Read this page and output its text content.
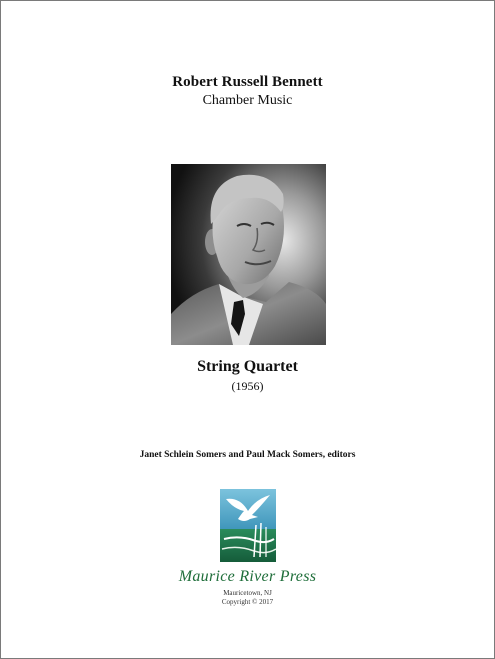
Robert Russell Bennett
Chamber Music
String Quartet
(1956)
Janet Schlein Somers and Paul Mack Somers, editors
Maurice River Press
Mauricetown, NJ
Copyright © 2017
